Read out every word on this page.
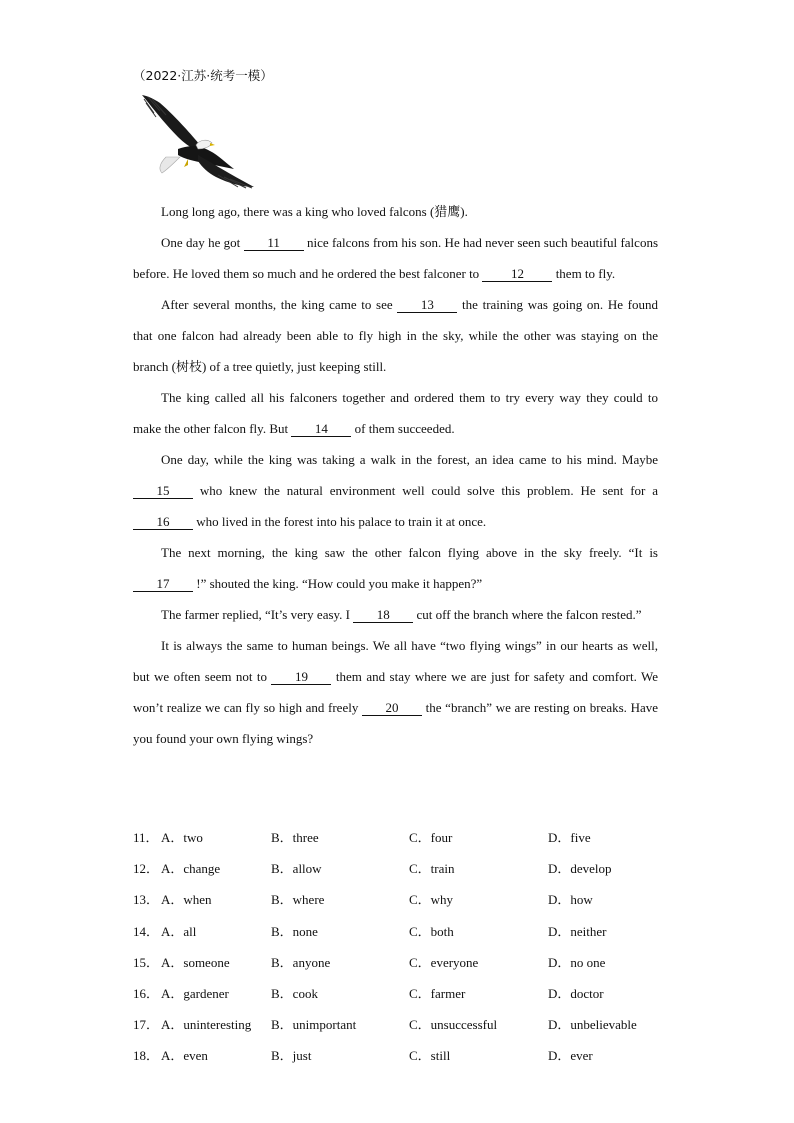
（2022·江苏·统考一模）

Long long ago, there was a king who loved falcons (猎鹰).

One day he got 11 nice falcons from his son. He had never seen such beautiful falcons before. He loved them so much and he ordered the best falconer to 12 them to fly.

After several months, the king came to see 13 the training was going on. He found that one falcon had already been able to fly high in the sky, while the other was staying on the branch (树枝) of a tree quietly, just keeping still.

The king called all his falconers together and ordered them to try every way they could to make the other falcon fly. But 14 of them succeeded.

One day, while the king was taking a walk in the forest, an idea came to his mind. Maybe 15 who knew the natural environment well could solve this problem. He sent for a 16 who lived in the forest into his palace to train it at once.

The next morning, the king saw the other falcon flying above in the sky freely. “It is 17 !” shouted the king. “How could you make it happen?”

The farmer replied, “It’s very easy. I 18 cut off the branch where the falcon rested.”

It is always the same to human beings. We all have “two flying wings” in our hearts as well, but we often seem not to 19 them and stay where we are just for safety and comfort. We won’t realize we can fly so high and freely 20 the “branch” we are resting on breaks. Have you found your own flying wings?

11． A．two	B．three	C．four	D．five
12． A．change	B．allow	C．train	D．develop
13． A．when	B．where	C．why	D．how
14． A．all	B．none	C．both	D．neither
15． A．someone	B．anyone	C．everyone	D．no one
16． A．gardener	B．cook	C．farmer	D．doctor
17． A．uninteresting B．unimportant	C．unsuccessful	D．unbelievable
18． A．even	B．just	C．still	D．ever
